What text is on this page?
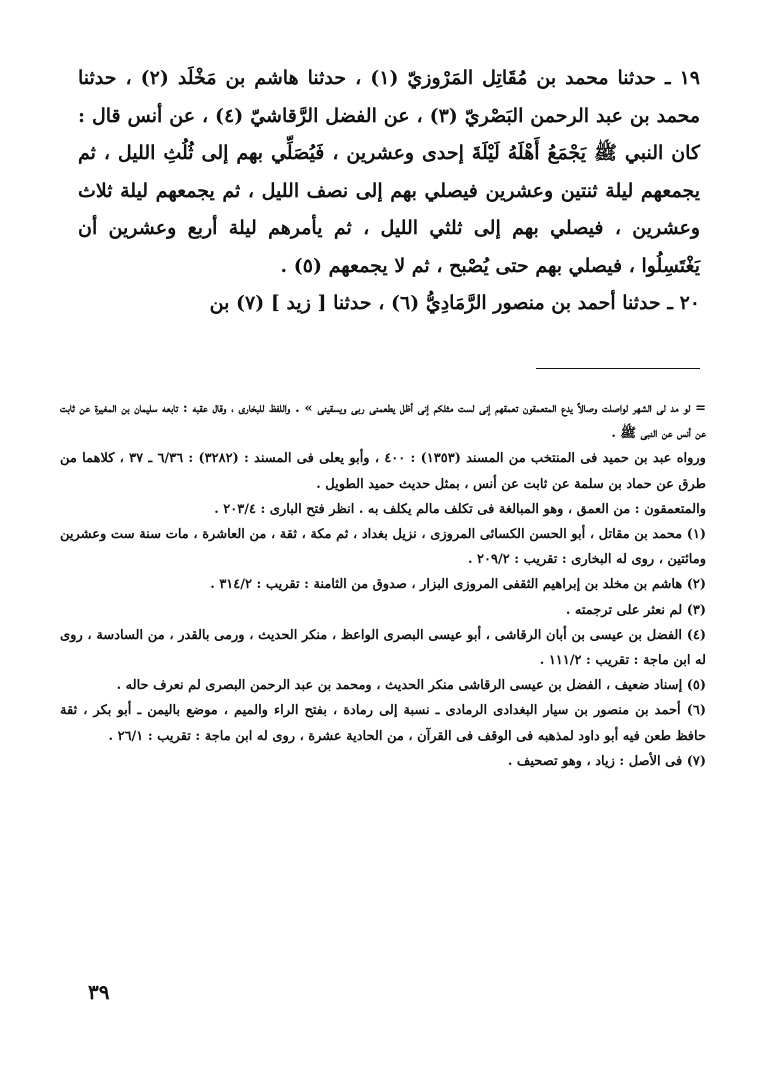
١٩ ـ حدثنا محمد بن مُقَاتِل المَرْوزيّ (١) ، حدثنا هاشم بن مَخْلَد (٢) ، حدثنا محمد بن عبد الرحمن البَصْريّ (٣) ، عن الفضل الرَّقاشيّ (٤) ، عن أنس قال : كان النبي ﷺ يَجْمَعُ أَهْلَهُ لَيْلَةَ إحدى وعشرين ، فَيُصَلِّي بهم إلى ثُلُثِ الليل ، ثم يجمعهم ليلة ثنتين وعشرين فيصلي بهم إلى نصف الليل ، ثم يجمعهم ليلة ثلاث وعشرين ، فيصلي بهم إلى ثلثي الليل ، ثم يأمرهم ليلة أربع وعشرين أن يَغْتَسِلُوا ، فيصلي بهم حتى يُصْبح ، ثم لا يجمعهم (٥) .

٢٠ ـ حدثنا أحمد بن منصور الرَّمَادِيُّ (٦) ، حدثنا [ زيد ] (٧) بن

= لو مد لى الشهر لواصلت وصالاً يدع المتعمقون تعمقهم إنى لست مثلكم إنى أظل يطعمنى ربى ويسقينى » . واللفظ للبخارى ، وقال عقبه : تابعه سليمان بن المغيرة عن ثابت عن أنس عن النبى ﷺ .

ورواه عبد بن حميد فى المنتخب من المسند (١٣٥٣) : ٤٠٠ ، وأبو يعلى فى المسند : (٣٢٨٢) : ٦/٣٦ ـ ٣٧ ، كلاهما من طرق عن حماد بن سلمة عن ثابت عن أنس ، بمثل حديث حميد الطويل .

والمتعمقون : من العمق ، وهو المبالغة فى تكلف مالم يكلف به . انظر فتح البارى : ٢٠٣/٤ .

(١) محمد بن مقاتل ، أبو الحسن الكسائى المروزى ، نزيل بغداد ، ثم مكة ، ثقة ، من العاشرة ، مات سنة ست وعشرين ومائتين ، روى له البخارى : تقريب : ٢٠٩/٢ .

(٢) هاشم بن مخلد بن إبراهيم الثقفى المروزى البزار ، صدوق من الثامنة : تقريب : ٣١٤/٢ .

(٣) لم نعثر على ترجمته .

(٤) الفضل بن عيسى بن أبان الرقاشى ، أبو عيسى البصرى الواعظ ، منكر الحديث ، ورمى بالقدر ، من السادسة ، روى له ابن ماجة : تقريب : ١١١/٢ .

(٥) إسناد ضعيف ، الفضل بن عيسى الرقاشى منكر الحديث ، ومحمد بن عبد الرحمن البصرى لم نعرف حاله .

(٦) أحمد بن منصور بن سيار البغدادى الرمادى ـ نسبة إلى رمادة ، بفتح الراء والميم ، موضع باليمن ـ أبو بكر ، ثقة حافظ طعن فيه أبو داود لمذهبه فى الوقف فى القرآن ، من الحادية عشرة ، روى له ابن ماجة : تقريب : ٢٦/١ .

(٧) فى الأصل : زياد ، وهو تصحيف .

٣٩
